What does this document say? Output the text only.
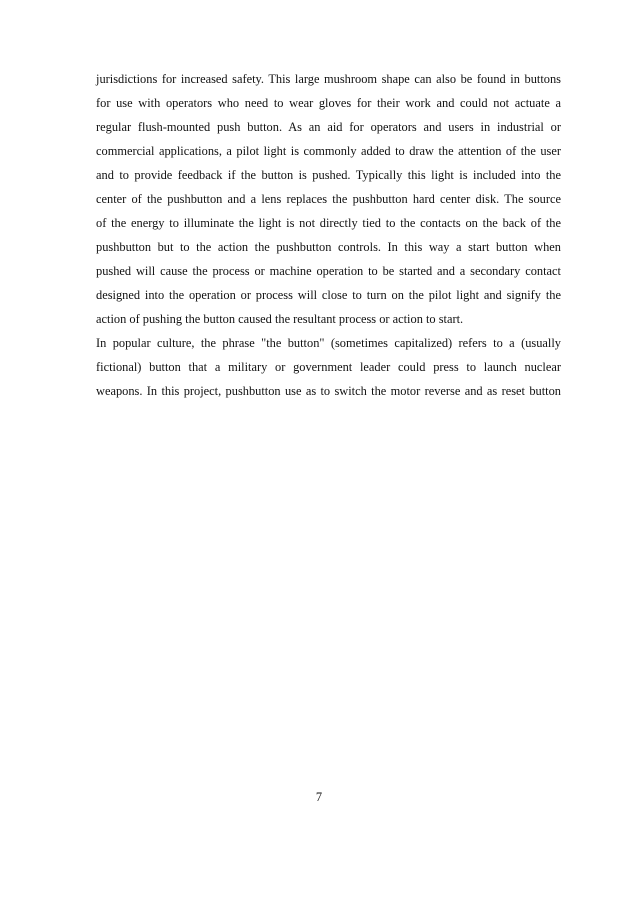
jurisdictions for increased safety. This large mushroom shape can also be found in buttons
for use with operators who need to wear gloves for their work and could not actuate a
regular flush-mounted push button. As an aid for operators and users in industrial or
commercial applications, a pilot light is commonly added to draw the attention of the user
and to provide feedback if the button is pushed. Typically this light is included into the
center of the pushbutton and a lens replaces the pushbutton hard center disk. The source
of the energy to illuminate the light is not directly tied to the contacts on the back of the
pushbutton but to the action the pushbutton controls. In this way a start button when
pushed will cause the process or machine operation to be started and a secondary contact
designed into the operation or process will close to turn on the pilot light and signify the
action of pushing the button caused the resultant process or action to start.
In popular culture, the phrase "the button" (sometimes capitalized) refers to a (usually
fictional) button that a military or government leader could press to launch nuclear
weapons. In this project, pushbutton use as to switch the motor reverse and as reset button
7
